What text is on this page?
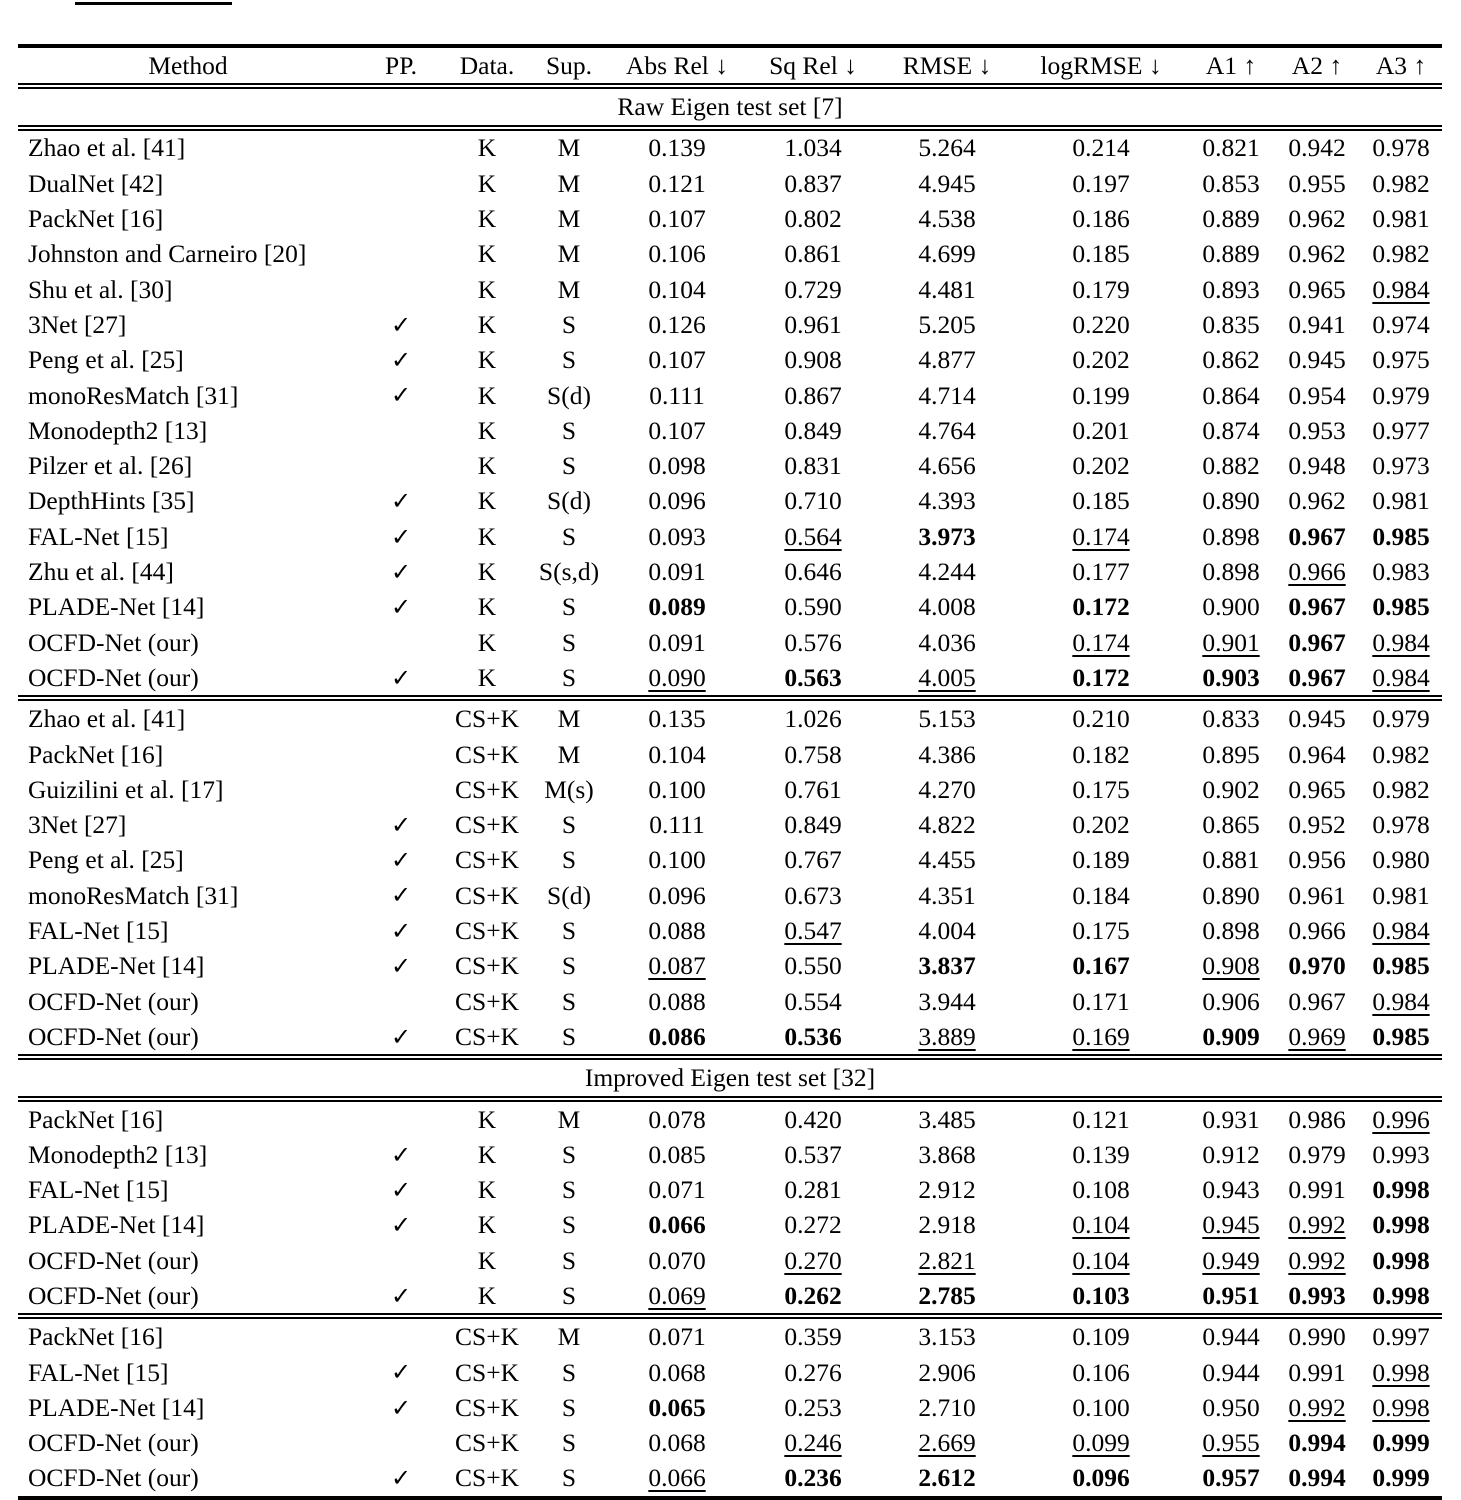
Method	PP.	Data.	Sup.	Abs Rel ↓	Sq Rel ↓	RMSE ↓	logRMSE ↓	A1 ↑	A2 ↑	A3 ↑

Raw Eigen test set [7]										

Zhao et al. [41]		K	M	0.139	1.034	5.264	0.214	0.821	0.942	0.978
DualNet [42]		K	M	0.121	0.837	4.945	0.197	0.853	0.955	0.982
PackNet [16]		K	M	0.107	0.802	4.538	0.186	0.889	0.962	0.981
Johnston and Carneiro [20]		K	M	0.106	0.861	4.699	0.185	0.889	0.962	0.982
Shu et al. [30]		K	M	0.104	0.729	4.481	0.179	0.893	0.965	0.984
3Net [27]	✓	K	S	0.126	0.961	5.205	0.220	0.835	0.941	0.974
Peng et al. [25]	✓	K	S	0.107	0.908	4.877	0.202	0.862	0.945	0.975
monoResMatch [31]	✓	K	S(d)	0.111	0.867	4.714	0.199	0.864	0.954	0.979
Monodepth2 [13]		K	S	0.107	0.849	4.764	0.201	0.874	0.953	0.977
Pilzer et al. [26]		K	S	0.098	0.831	4.656	0.202	0.882	0.948	0.973
DepthHints [35]	✓	K	S(d)	0.096	0.710	4.393	0.185	0.890	0.962	0.981
FAL-Net [15]	✓	K	S	0.093	0.564	3.973	0.174	0.898	0.967	0.985
Zhu et al. [44]	✓	K	S(s,d)	0.091	0.646	4.244	0.177	0.898	0.966	0.983
PLADE-Net [14]	✓	K	S	0.089	0.590	4.008	0.172	0.900	0.967	0.985
OCFD-Net (our)		K	S	0.091	0.576	4.036	0.174	0.901	0.967	0.984
OCFD-Net (our)	✓	K	S	0.090	0.563	4.005	0.172	0.903	0.967	0.984

Zhao et al. [41]		CS+K	M	0.135	1.026	5.153	0.210	0.833	0.945	0.979
PackNet [16]		CS+K	M	0.104	0.758	4.386	0.182	0.895	0.964	0.982
Guizilini et al. [17]		CS+K	M(s)	0.100	0.761	4.270	0.175	0.902	0.965	0.982
3Net [27]	✓	CS+K	S	0.111	0.849	4.822	0.202	0.865	0.952	0.978
Peng et al. [25]	✓	CS+K	S	0.100	0.767	4.455	0.189	0.881	0.956	0.980
monoResMatch [31]	✓	CS+K	S(d)	0.096	0.673	4.351	0.184	0.890	0.961	0.981
FAL-Net [15]	✓	CS+K	S	0.088	0.547	4.004	0.175	0.898	0.966	0.984
PLADE-Net [14]	✓	CS+K	S	0.087	0.550	3.837	0.167	0.908	0.970	0.985
OCFD-Net (our)		CS+K	S	0.088	0.554	3.944	0.171	0.906	0.967	0.984
OCFD-Net (our)	✓	CS+K	S	0.086	0.536	3.889	0.169	0.909	0.969	0.985

Improved Eigen test set [32]										

PackNet [16]		K	M	0.078	0.420	3.485	0.121	0.931	0.986	0.996
Monodepth2 [13]	✓	K	S	0.085	0.537	3.868	0.139	0.912	0.979	0.993
FAL-Net [15]	✓	K	S	0.071	0.281	2.912	0.108	0.943	0.991	0.998
PLADE-Net [14]	✓	K	S	0.066	0.272	2.918	0.104	0.945	0.992	0.998
OCFD-Net (our)		K	S	0.070	0.270	2.821	0.104	0.949	0.992	0.998
OCFD-Net (our)	✓	K	S	0.069	0.262	2.785	0.103	0.951	0.993	0.998

PackNet [16]		CS+K	M	0.071	0.359	3.153	0.109	0.944	0.990	0.997
FAL-Net [15]	✓	CS+K	S	0.068	0.276	2.906	0.106	0.944	0.991	0.998
PLADE-Net [14]	✓	CS+K	S	0.065	0.253	2.710	0.100	0.950	0.992	0.998
OCFD-Net (our)		CS+K	S	0.068	0.246	2.669	0.099	0.955	0.994	0.999
OCFD-Net (our)	✓	CS+K	S	0.066	0.236	2.612	0.096	0.957	0.994	0.999
